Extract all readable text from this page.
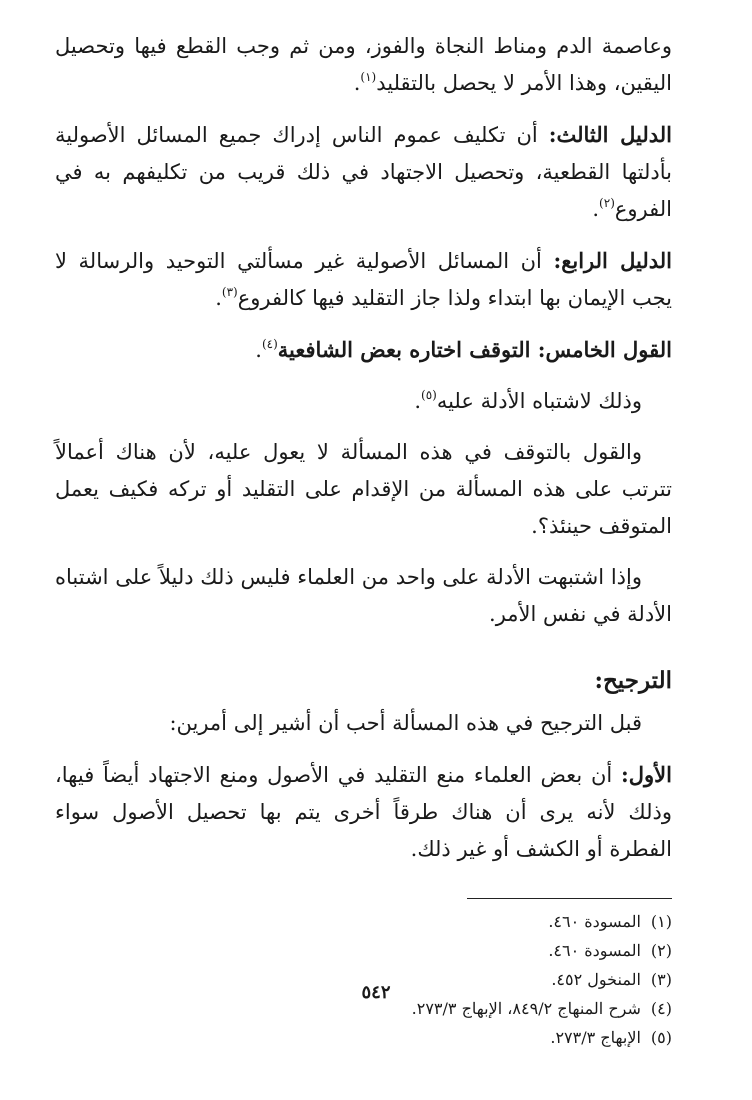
وعاصمة الدم ومناط النجاة والفوز، ومن ثم وجب القطع فيها وتحصيل اليقين، وهذا الأمر لا يحصل بالتقليد$^{(١)}$.

الدليل الثالث: أن تكليف عموم الناس إدراك جميع المسائل الأصولية بأدلتها القطعية، وتحصيل الاجتهاد في ذلك قريب من تكليفهم به في الفروع$^{(٢)}$.

الدليل الرابع: أن المسائل الأصولية غير مسألتي التوحيد والرسالة لا يجب الإيمان بها ابتداء ولذا جاز التقليد فيها كالفروع$^{(٣)}$.

القول الخامس: التوقف اختاره بعض الشافعية$^{(٤)}$.

وذلك لاشتباه الأدلة عليه$^{(٥)}$.

والقول بالتوقف في هذه المسألة لا يعول عليه، لأن هناك أعمالاً تترتب على هذه المسألة من الإقدام على التقليد أو تركه فكيف يعمل المتوقف حينئذ؟.

وإذا اشتبهت الأدلة على واحد من العلماء فليس ذلك دليلاً على اشتباه الأدلة في نفس الأمر.

الترجيح:

قبل الترجيح في هذه المسألة أحب أن أشير إلى أمرين:

الأول: أن بعض العلماء منع التقليد في الأصول ومنع الاجتهاد أيضاً فيها، وذلك لأنه يرى أن هناك طرقاً أخرى يتم بها تحصيل الأصول سواء الفطرة أو الكشف أو غير ذلك.

(١) المسودة ٤٦٠.
(٢) المسودة ٤٦٠.
(٣) المنخول ٤٥٢.
(٤) شرح المنهاج ٨٤٩/٢، الإبهاج ٢٧٣/٣.
(٥) الإبهاج ٢٧٣/٣.
٥٤٢
